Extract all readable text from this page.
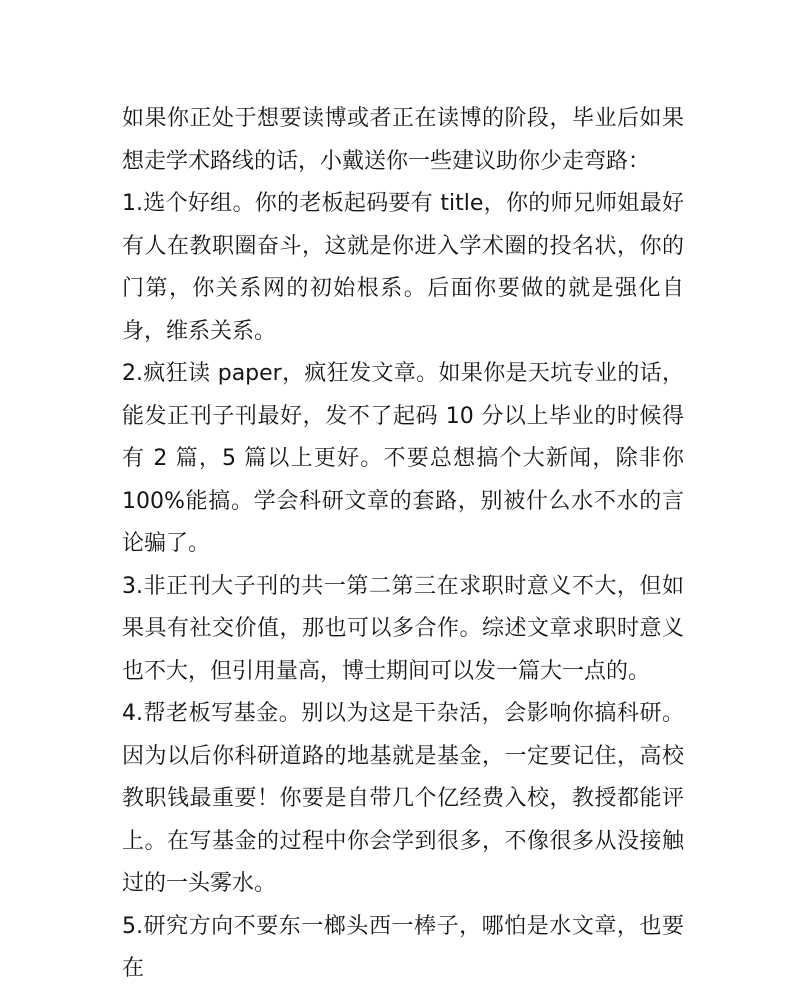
如果你正处于想要读博或者正在读博的阶段，毕业后如果想走学术路线的话，小戴送你一些建议助你少走弯路：

1.选个好组。你的老板起码要有 title，你的师兄师姐最好有人在教职圈奋斗，这就是你进入学术圈的投名状，你的门第，你关系网的初始根系。后面你要做的就是强化自身，维系关系。

2.疯狂读 paper，疯狂发文章。如果你是天坑专业的话，能发正刊子刊最好，发不了起码 10 分以上毕业的时候得有 2 篇，5 篇以上更好。不要总想搞个大新闻，除非你 100%能搞。学会科研文章的套路，别被什么水不水的言论骗了。

3.非正刊大子刊的共一第二第三在求职时意义不大，但如果具有社交价值，那也可以多合作。综述文章求职时意义也不大，但引用量高，博士期间可以发一篇大一点的。

4.帮老板写基金。别以为这是干杂活，会影响你搞科研。因为以后你科研道路的地基就是基金，一定要记住，高校教职钱最重要！你要是自带几个亿经费入校，教授都能评上。在写基金的过程中你会学到很多，不像很多从没接触过的一头雾水。

5.研究方向不要东一榔头西一棒子，哪怕是水文章，也要在
